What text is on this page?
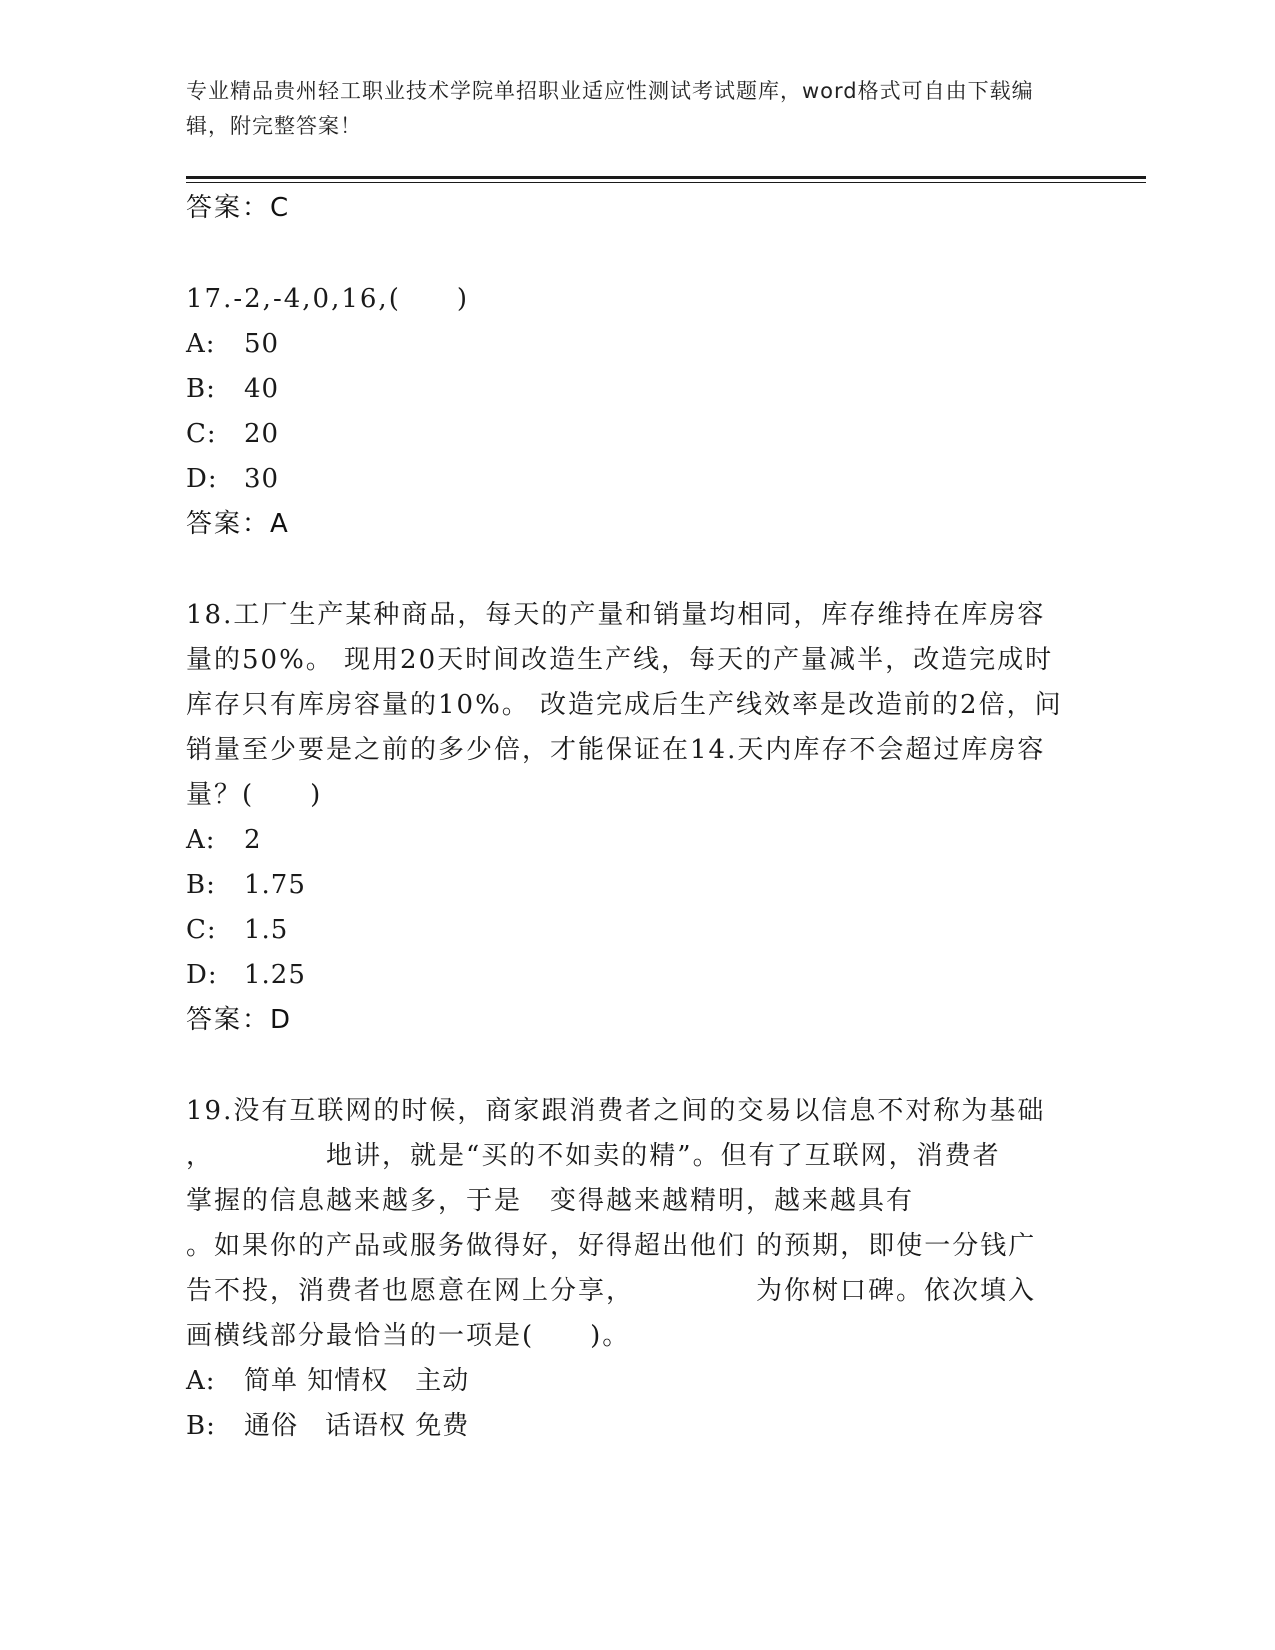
专业精品贵州轻工职业技术学院单招职业适应性测试考试题库，word格式可自由下载编辑，附完整答案！
答案：C
17.-2,-4,0,16,(　　)
A: 50
B: 40
C: 20
D: 30
答案：A
18.工厂生产某种商品，每天的产量和销量均相同，库存维持在库房容量的50%。 现用20天时间改造生产线，每天的产量减半，改造完成时库存只有库房容量的10%。 改造完成后生产线效率是改造前的2倍，问销量至少要是之前的多少倍，才能保证在14.天内库存不会超过库房容量？(　　)
A: 2
B: 1.75
C: 1.5
D: 1.25
答案：D
19.没有互联网的时候，商家跟消费者之间的交易以信息不对称为基础
，	地讲，就是“买的不如卖的精”。但有了互联网，消费者
掌握的信息越来越多，于是　变得越来越精明，越来越具有
。如果你的产品或服务做得好，好得超出他们 的预期，即使一分钱广
告不投，消费者也愿意在网上分享，	为你树口碑。依次填入
画横线部分最恰当的一项是(　　)。
A: 简单 知情权　主动
B: 通俗　话语权 免费
